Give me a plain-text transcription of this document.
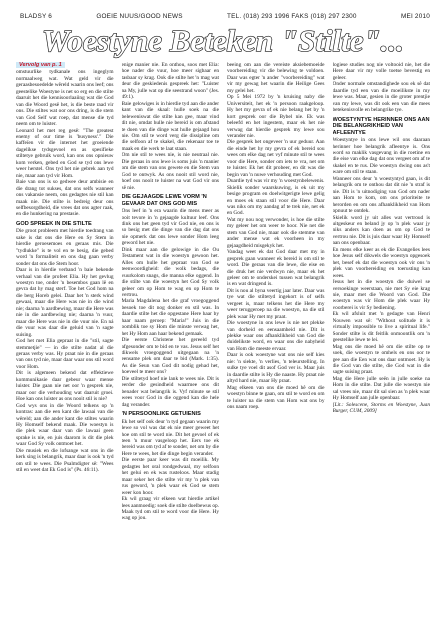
BLADSY 6	GOEIE NUUS/GOOD NEWS	TEL. (018) 293 1996 FAKS (018) 297 2300	MEI 2010
Woestyne Beteken "Stilte"...
Vervolg van p. 1

omstuurlike tydkanale ons ingeglym normaalweg wat. Wat geld vir die geraasbesoedelde wêreld waarin ons leef; ons geestelike Woestyne is net so erg en die stilte daaruit het die kennisoorlaaiing wat die God van die Woord gesê het, is die beste raad vir ons. Die stiltes wat oor ons dring, is die stem van God Self wat roep, dat mense die tyd neem om te luister.

Leonard het met reg gesê: "The greatest enemy of our time is 'busyness'." Die kaffeïen vir die internet het groeiende dagelikse tydsgevoel en as spesifieke stiltetye gebruik word, kan ons ons opnieuw kom verken, gebed en God se tyd ons lewe weer herstel. Ons tyd het nie gebrek aan tyd nie, maar aan tyd vir Hom.

Baie van ons is so gedwee deur ambisie en die drang tot sukses, dat ons selfs wanneer ons vakansie neem, ons gedagtes nie stil kan maak nie. Die stilte is bedreig deur ons selfbesorgdheid, die vrees dat ons agter raak, en die hunkering na prestasie.

GOD SPREEK IN DIE STILTE

Die groot probleem met hierdie toedrang van sake is dat ons die Here en Sy Stem in hierdie geroesemoes en geraas mis. Die "tydlukke" is te vol en te besig, die gebed word 'n formaliteit en ons dag gaan verby sonder dat ons die Stem hoor.

Daar is in hierdie verband 'n baie bekende verhaal van die profeet Elia. Hy het gevlug woestyn toe, onder 'n besembos gaan lê en gevra dat hy mag sterf. Toe het God hom na die berg Horeb gelei. Daar het 'n sterk wind gewaai, maar die Here was nie in die wind nie; daarna 'n aardbewing, maar die Here was nie in die aardbewing nie; daarna 'n vuur, maar die Here was nie in die vuur nie. En ná die vuur was daar die geluid van 'n sagte suising.

God het met Elia gepraat in die "stil, sagte stemmetjie" — in die stilte nadat al die geraas verby was. Hy praat nie in die geraas van ons tyd nie, maar daar waar ons stil word voor Hom.

Dit is algemeen bekend dat effektiewe kommunikasie daar gebeur waar mense luister. Die gaan nie net oor 'n gesprek nie, maar oor die verhouding wat daaruit groei. Hoe kan ons luister as ons nooit stil is nie?

God wys ons in die Woord telkens op 'n kontras: aan die een kant die lawaai van die wêreld; aan die ander kant die stiltes waarin Hy Homself bekend maak. Die woestyn is die plek waar daar van die lawaai geen sprake is nie, en juis daarom is dit die plek waar God Sy volk ontmoet het.

Die musiek en die lofsange wat ons in die kerk sing is belangrik, maar daar is ook 'n tyd om stil te wees. Die Psalmdigter sê: "Wees stil en weet dat Ek God is" (Ps. 46:11).

enige manier nie. En onthou, soos met Elia: hoe nader die vuur, hoe meer sigbaar en tasbaar sy krag. Ook die stilte het 'n mag wat deur die geskiedenis gespreek het: "Luister na My, julle wat op die seestrand woon" (Jes. 49:1).

Baie gelowiges is in hierdie tyd aan die ander kant van die skaal: hulle soek na die beleweniswat die stilte kan gee, maar vind dit nie, omdat hulle nie bereid is om afstand te doen van die dinge wat hulle gejaagd hou nie. Om stil te word verg die dissipline om die selfoon af te skakel, die rekenaar toe te maak en die werk te laat staan.

Om nie stil te wees nie, is nie neutraal nie. Die geraas in ons lewe is soms juis 'n manier om die stem van ons gewete en die Stem van God te ontwyk. As ons nooit stil word nie, hoef ons nooit te luister na wat God vir ons sê nie.

DIE GEJAAGDE LEWE VORM 'N GEVAAR DAT ONS GOD MIS

Ons leef in 'n era waarin die mens meer as ooit tevore in 'n gejaagde kultuur leef. Ons dink ons het geen tyd vir God nie, en ons is so besig met die dinge van die dag dat ons nie opmerk dat ons lewe sonder Hom leeg geword het nie.

Dink maar aan die gelowige in die Ou Testament wat in die woestyn gewoon het. Alles om hulle het gepraat van God se teenwoordigheid: die wolk bedags, die vuurkolom snags, die manna elke oggend. In die stilte van die woestyn het God Sy volk geleer om op Hom te wag en op Hom te vertrou.

Maria Magdalena het die graf vroegoggend besoek toe dit nog donker en stil was. In daardie stilte het die opgestane Here haar by haar naam geroep: "Maria!" Juis in die oomblik toe sy Hom die minste verwag het, het Hy Hom aan haar bekend gemaak.

Die eerste Christene het gereeld tyd afgesonder om te bid en te vas. Jesus self het dikwels vroegoggend uitgegaan na 'n eensame plek om daar te bid (Mark. 1:35). As die Seun van God dit nodig gehad het, hoeveel te meer ons?

Die stiltetyd hoef nie lank te wees nie. Dit is eerder die gesindheid waarmee ons dit benader wat belangrik is. Vyf minute se stil wees voor God in die oggend kan die hele dag verander.

'N PERSOONLIKE GETUIENIS

Ek het self ook deur 'n tyd gegaan waarin my lewe so vol was dat ek nie meer geweet het hoe om stil te word nie. Dit het gevoel of ek teen 'n muur vasgeloop het. Eers toe ek bereid was om tyd af te sonder, net om by die Here te wees, het die dinge begin verander.

Die eerste paar keer was dit moeilik. My gedagtes het oral rondgedwaal, my selfoon het gelui en ek was rusteloos. Maar stadig maar seker het die stilte vir my 'n plek van rus geword, 'n plek waar ek God se stem weer kon hoor.

Ek wil graag vir elkeen wat hierdie artikel lees aanmoedig: soek die stilte doelbewus op. Maak tyd om stil te word voor die Here. Hy wag op jou.

beeing om aan die vereiste aksiebemoeide voorbereiding vir die belewing te voldoen. Daar was egter 'n ander "voorbereiding" wat vir my gewag het waarin die Heilige Gees my gelei het.

Op 5 Mei 1972 by 'n kruising naby die Universiteit, het ek 'n persoon raakgeloop. Hy het my gevra of ek nie belang het by 'n kort gesprek oor die Bybel nie. Ek was beleefd en het ingestem, maar ek het nie verwag dat hierdie gesprek my lewe sou verander nie.

Die gesprek het ongeveer 'n uur geduur. Aan die einde het hy my gevra of ek bereid sou wees om elke dag net vyf minute stil te wees voor die Here, sonder om iets te vra, net om te luister. Ek het dit probeer, en dit was die begin van 'n nuwe verhouding met God.

Duardie tyd was vir my 'n woestynbelewenis. Skielik sonder waarskuwing, is ek uit my besige program en doelwitgerigte lewe gelig en moes ek staan stil voor die Here. Daar was niks om my aandag af te trek nie, net ek en God.

Wat my nou nog verwonder, is hoe die stilte my geleer het om weer te hoor. Nie net die stem van God nie, maar ook die stemme van ander mense wat ek voorheen in my gejaagdheid misgekyk het.

Vandag weet ek dat God daar met my in gesprek gaan wanneer ek bereid is om stil te word. Die geraas van die lewe, die eise en die druk het nie verdwyn nie, maar ek het geleer om te onderskei tussen wat belangrik is en wat dringend is.

Dit is nou al byna veertig jaar later. Daar was tye wat die stiltetyd ingekort is of selfs vergeet is, maar telkens het die Here my weer teruggeroep na die woestyn, na die stil plek waar Hy met my praat.

Die woestyne in ons lewe is nie net plekke van dorheid en eensaamheid nie. Dit is plekke waar ons afhanklikheid van God die duidelikste word, en waar ons die nabyheid van Hom die meeste ervaar.

Daar is ook woestyne wat ons nie self kies nie: 'n siekte, 'n verlies, 'n teleurstelling. In sulke tye voel dit asof God ver is. Maar juis in daardie stilte is Hy die naaste. Hy praat nie altyd hard nie, maar Hy praat.

Mag elkeen van ons die moed hê om die woestyn binne te gaan, om stil te word en om te luister na die stem van Hom wat ons by ons naam roep.

logiese studies nog nie voltooid nie, het die Here daar vir my volle toetse bevestig en geleer.

Onder normale omstandighede sou ek sê dat daardie tyd een van die moeilikste in my lewe was. Maar, gesien in die groter prentjie van my lewe, was dit ook een van die mees betekenisvolle en belangrike tye.

WOESTYNTYE HERINNER ONS AAN DIE BELANGRIKHEID VAN AFLEENTYE

Woestyntye in ons lewe wil ons daaraan herinner hoe belangrik afleentye is. Ons word so maklik vasgevang in die roetine en die eise van elke dag dat ons vergeet om af te skakel en te rus. Die woestyn dwing ons as't ware om stil te staan.

Wanneer ons deur 'n woestyntyd gaan, is dit belangrik om te onthou dat dit nie 'n straf is nie. Dit is 'n uitnodiging van God om nader aan Hom te kom, om ons prioriteite te herorden en om ons afhanklikheid van Hom opnuut te ontdek.

Skielik word jy uit alles wat vertroud is uitgeskeur en beland jy op 'n plek waar jy niks anders kan doen as om op God te vertrou nie. Dit is juis daar waar Hy Homself aan ons openbaar.

En mens elke keer as ek die Evangelies lees hoe Jesus self dikwels die woestyn opgesoek het, besef ek dat die woestyn ook vir ons 'n plek van voorbereiding en toerusting kan wees.

Jesus het in die woestyn die duiwel se versoekinge weerstaan, nie met Sy eie krag nie, maar met die Woord van God. Die woestyn was vir Hom die plek waar Hy voorberei is vir Sy bediening.

Ek wil afsluit met 'n gedagte van Henri Nouwen wat sê: "Without solitude it is virtually impossible to live a spiritual life." Sonder stilte is dit feitlik onmoontlik om 'n geestelike lewe te lei.

Mag ons die moed hê om die stilte op te soek, die woestyn te omhels en ons oor te gee aan die Een wat ons daar ontmoet. Hy is die God van die stilte, die God wat in die sagte suising praat.

Mag die Here julle seën in julle soeke na Hom in die stilte. Dat julle die woestyn nie sal vrees nie, maar dit sal sien as 'n plek waar Hy Homself aan julle openbaar.

[Lit.: Solescene, Storms en Woestyne, Juan Burger, CUM, 2009]
